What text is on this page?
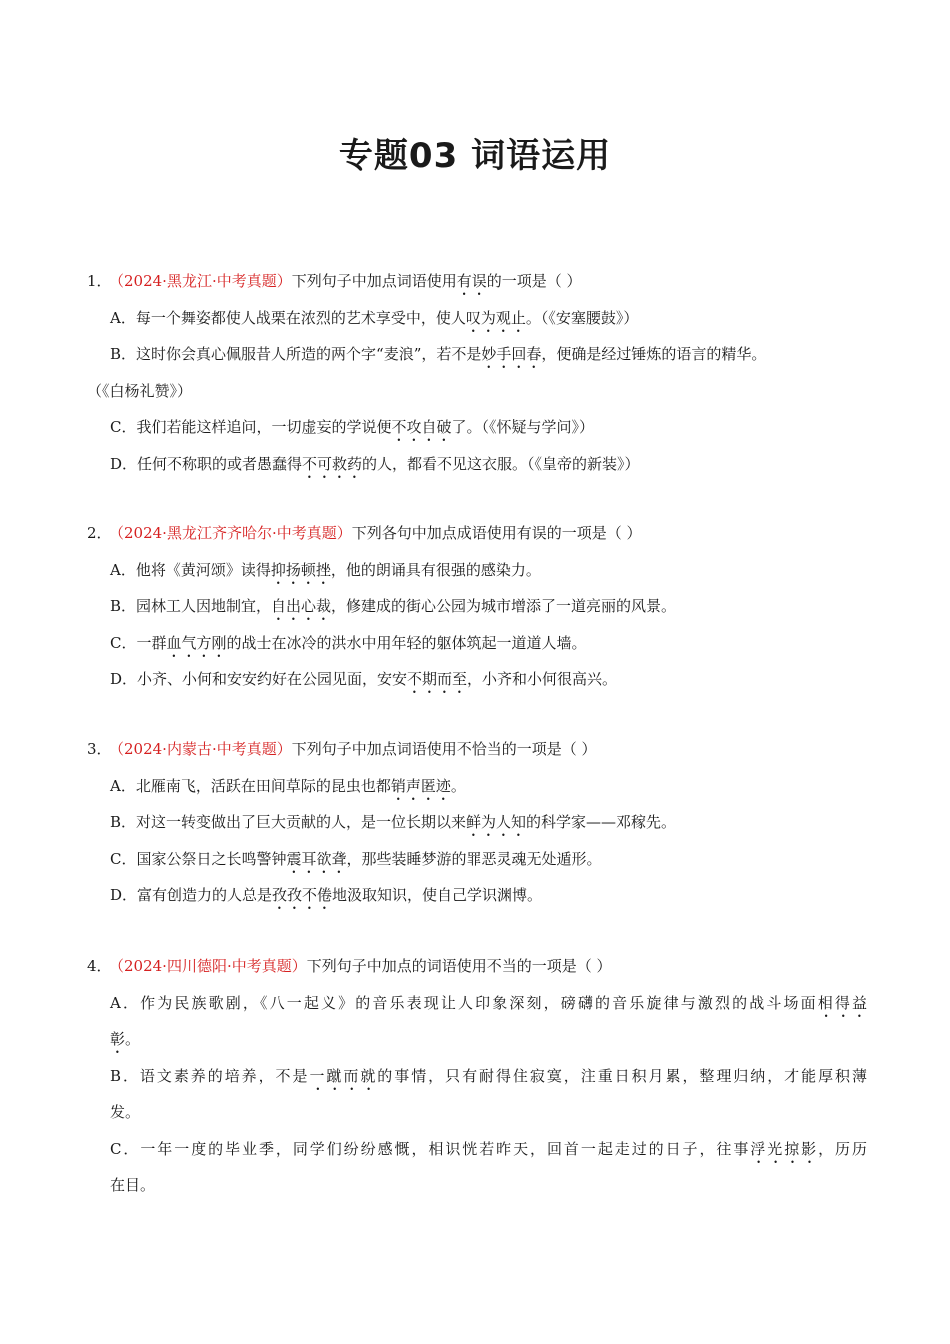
专题03 词语运用
1．（2024·黑龙江·中考真题）下列句子中加点词语使用有误的一项是（ ）
A．每一个舞姿都使人战栗在浓烈的艺术享受中，使人叹为观止。（《安塞腰鼓》）
B．这时你会真心佩服昔人所造的两个字“麦浪”，若不是妙手回春，便确是经过锤炼的语言的精华。
（《白杨礼赞》）
C．我们若能这样追问，一切虚妄的学说便不攻自破了。（《怀疑与学问》）
D．任何不称职的或者愚蠢得不可救药的人，都看不见这衣服。（《皇帝的新装》）
2．（2024·黑龙江齐齐哈尔·中考真题）下列各句中加点成语使用有误的一项是（ ）
A．他将《黄河颂》读得抑扬顿挫，他的朗诵具有很强的感染力。
B．园林工人因地制宜，自出心裁，修建成的街心公园为城市增添了一道亮丽的风景。
C．一群血气方刚的战士在冰冷的洪水中用年轻的躯体筑起一道道人墙。
D．小齐、小何和安安约好在公园见面，安安不期而至，小齐和小何很高兴。
3．（2024·内蒙古·中考真题）下列句子中加点词语使用不恰当的一项是（ ）
A．北雁南飞，活跃在田间草际的昆虫也都销声匿迹。
B．对这一转变做出了巨大贡献的人，是一位长期以来鲜为人知的科学家——邓稼先。
C．国家公祭日之长鸣警钟震耳欲聋，那些装睡梦游的罪恶灵魂无处遁形。
D．富有创造力的人总是孜孜不倦地汲取知识，使自己学识渊博。
4．（2024·四川德阳·中考真题）下列句子中加点的词语使用不当的一项是（ ）
A．作为民族歌剧，《八一起义》的音乐表现让人印象深刻，磅礴的音乐旋律与激烈的战斗场面相得益
彰。
B．语文素养的培养，不是一蹴而就的事情，只有耐得住寂寞，注重日积月累，整理归纳，才能厚积薄
发。
C．一年一度的毕业季，同学们纷纷感慨，相识恍若昨天，回首一起走过的日子，往事浮光掠影，历历
在目。
